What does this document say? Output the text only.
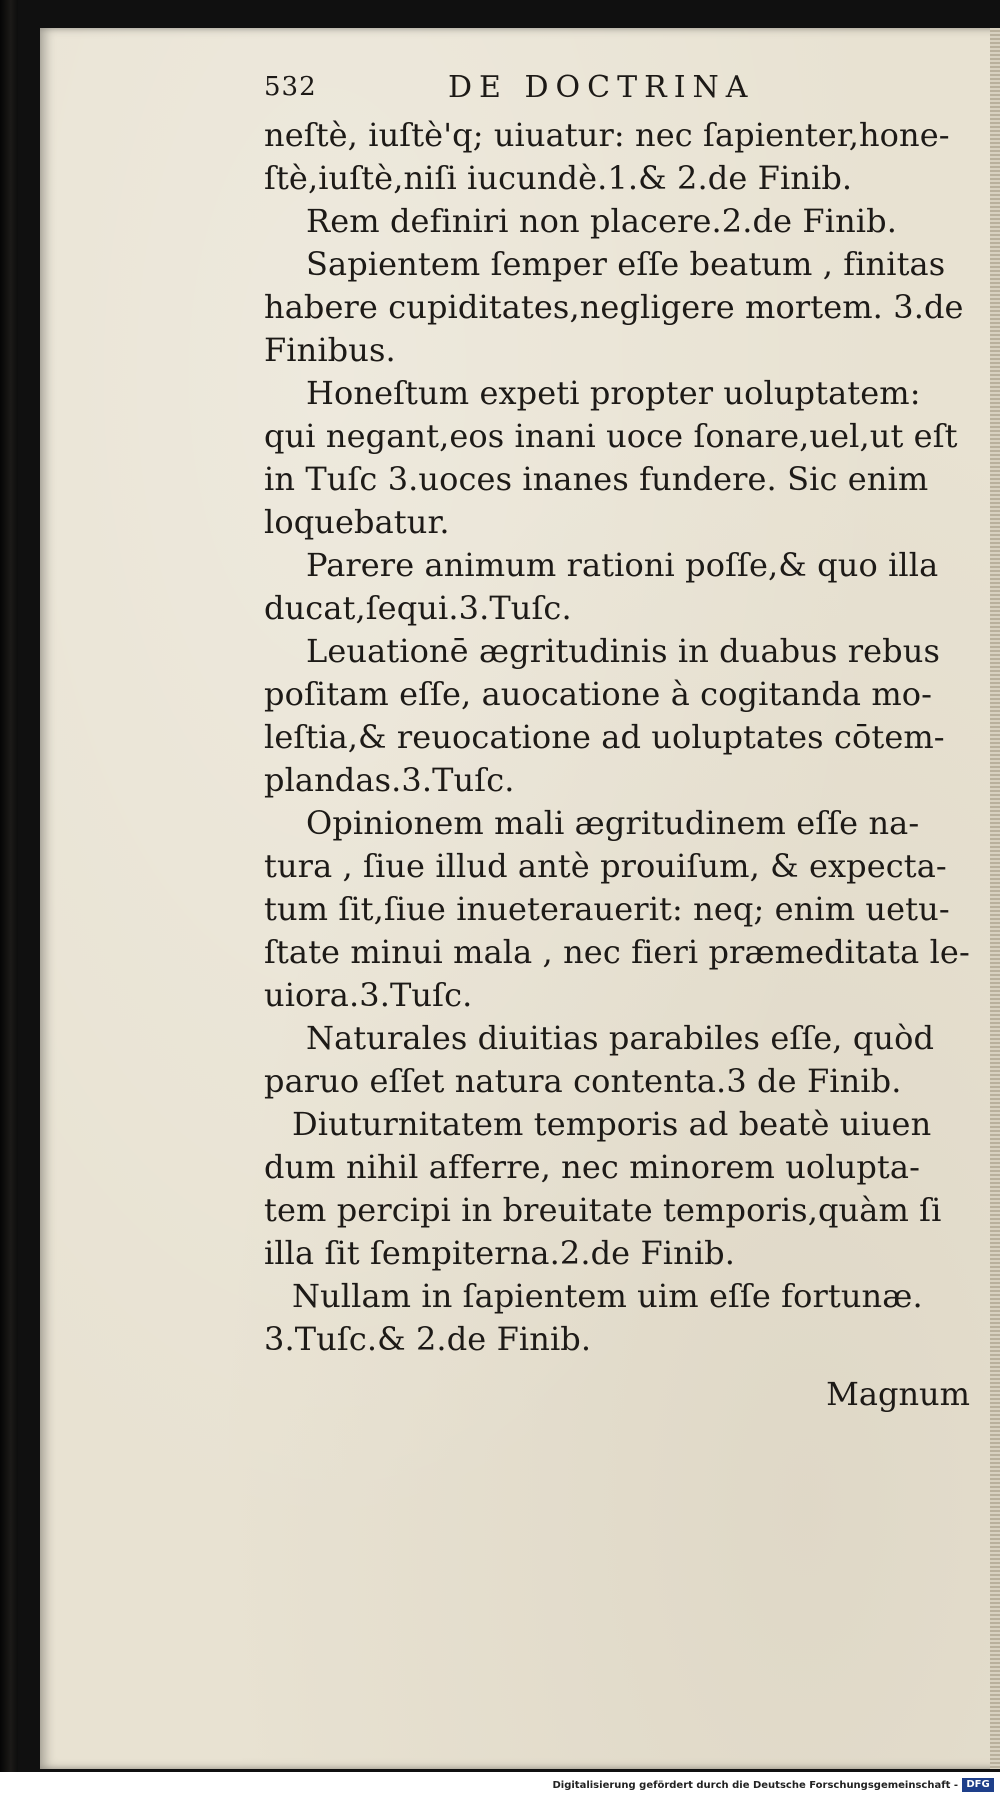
532	DE DOCTRINA
neſtè, iuſtè'q; uiuatur: nec ſapienter,hone-
ſtè,iuſtè,niſi iucundè.1.& 2.de Finib.
Rem definiri non placere.2.de Finib.
Sapientem ſemper eſſe beatum , finitas
habere cupiditates,negligere mortem. 3.de
Finibus.
Honeſtum expeti propter uoluptatem:
qui negant,eos inani uoce ſonare,uel,ut eſt
in Tuſc 3.uoces inanes fundere. Sic enim
loquebatur.
Parere animum rationi poſſe,& quo illa
ducat,ſequi.3.Tuſc.
Leuationē ægritudinis in duabus rebus
poſitam eſſe, auocatione à cogitanda mo-
leſtia,& reuocatione ad uoluptates cōtem-
plandas.3.Tuſc.
Opinionem mali ægritudinem eſſe na-
tura , ſiue illud antè prouiſum, & expecta-
tum ſit,ſiue inueterauerit: neq; enim uetu-
ſtate minui mala , nec fieri præmeditata le-
uiora.3.Tuſc.
Naturales diuitias parabiles eſſe, quòd
paruo eſſet natura contenta.3 de Finib.
Diuturnitatem temporis ad beatè uiuen
dum nihil afferre, nec minorem uolupta-
tem percipi in breuitate temporis,quàm ſi
illa ſit ſempiterna.2.de Finib.
Nullam in ſapientem uim eſſe fortunæ.
3.Tuſc.& 2.de Finib.
Magnum
Digitalisierung gefördert durch die Deutsche Forschungsgemeinschaft - DFG
